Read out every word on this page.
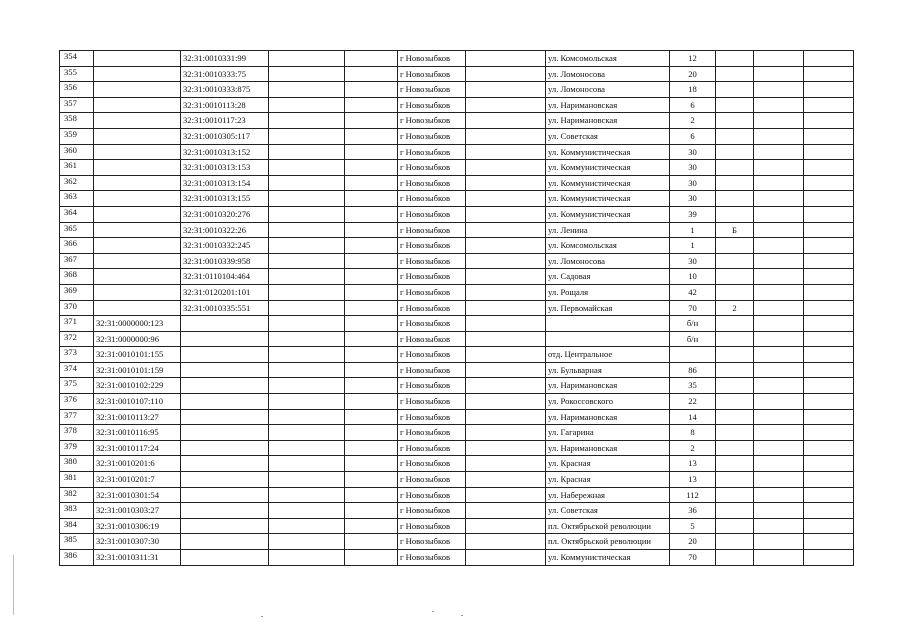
354		32:31:0010331:99			г Новозыбков		ул. Комсомольская	12			
355		32:31:0010333:75			г Новозыбков		ул. Ломоносова	20			
356		32:31:0010333:875			г Новозыбков		ул. Ломоносова	18			
357		32:31:0010113:28			г Новозыбков		ул. Наримановская	6			
358		32:31:0010117:23			г Новозыбков		ул. Наримановская	2			
359		32:31:0010305:117			г Новозыбков		ул. Советская	6			
360		32:31:0010313:152			г Новозыбков		ул. Коммунистическая	30			
361		32:31:0010313:153			г Новозыбков		ул. Коммунистическая	30			
362		32:31:0010313:154			г Новозыбков		ул. Коммунистическая	30			
363		32:31:0010313:155			г Новозыбков		ул. Коммунистическая	30			
364		32:31:0010320:276			г Новозыбков		ул. Коммунистическая	39			
365		32:31:0010322:26			г Новозыбков		ул. Ленина	1	Б		
366		32:31:0010332:245			г Новозыбков		ул. Комсомольская	1			
367		32:31:0010339:958			г Новозыбков		ул. Ломоносова	30			
368		32:31:0110104:464			г Новозыбков		ул. Садовая	10			
369		32:31:0120201:101			г Новозыбков		ул. Рощаля	42			
370		32:31:0010335:551			г Новозыбков		ул. Первомайская	70	2		
371	32:31:0000000:123				г Новозыбков			б/н			
372	32:31:0000000:96				г Новозыбков			б/н			
373	32:31:0010101:155				г Новозыбков		отд. Центральное				
374	32:31:0010101:159				г Новозыбков		ул. Бульварная	86			
375	32:31:0010102:229				г Новозыбков		ул. Наримановская	35			
376	32:31:0010107:110				г Новозыбков		ул. Рокоссовского	22			
377	32:31:0010113:27				г Новозыбков		ул. Наримановская	14			
378	32:31:0010116:95				г Новозыбков		ул. Гагарина	8			
379	32:31:0010117:24				г Новозыбков		ул. Наримановская	2			
380	32:31:0010201:6				г Новозыбков		ул. Красная	13			
381	32:31:0010201:7				г Новозыбков		ул. Красная	13			
382	32:31:0010301:54				г Новозыбков		ул. Набережная	112			
383	32:31:0010303:27				г Новозыбков		ул. Советская	36			
384	32:31:0010306:19				г Новозыбков		пл. Октябрьской революции	5			
385	32:31:0010307:30				г Новозыбков		пл. Октябрьской революции	20			
386	32:31:0010311:31				г Новозыбков		ул. Коммунистическая	70			
